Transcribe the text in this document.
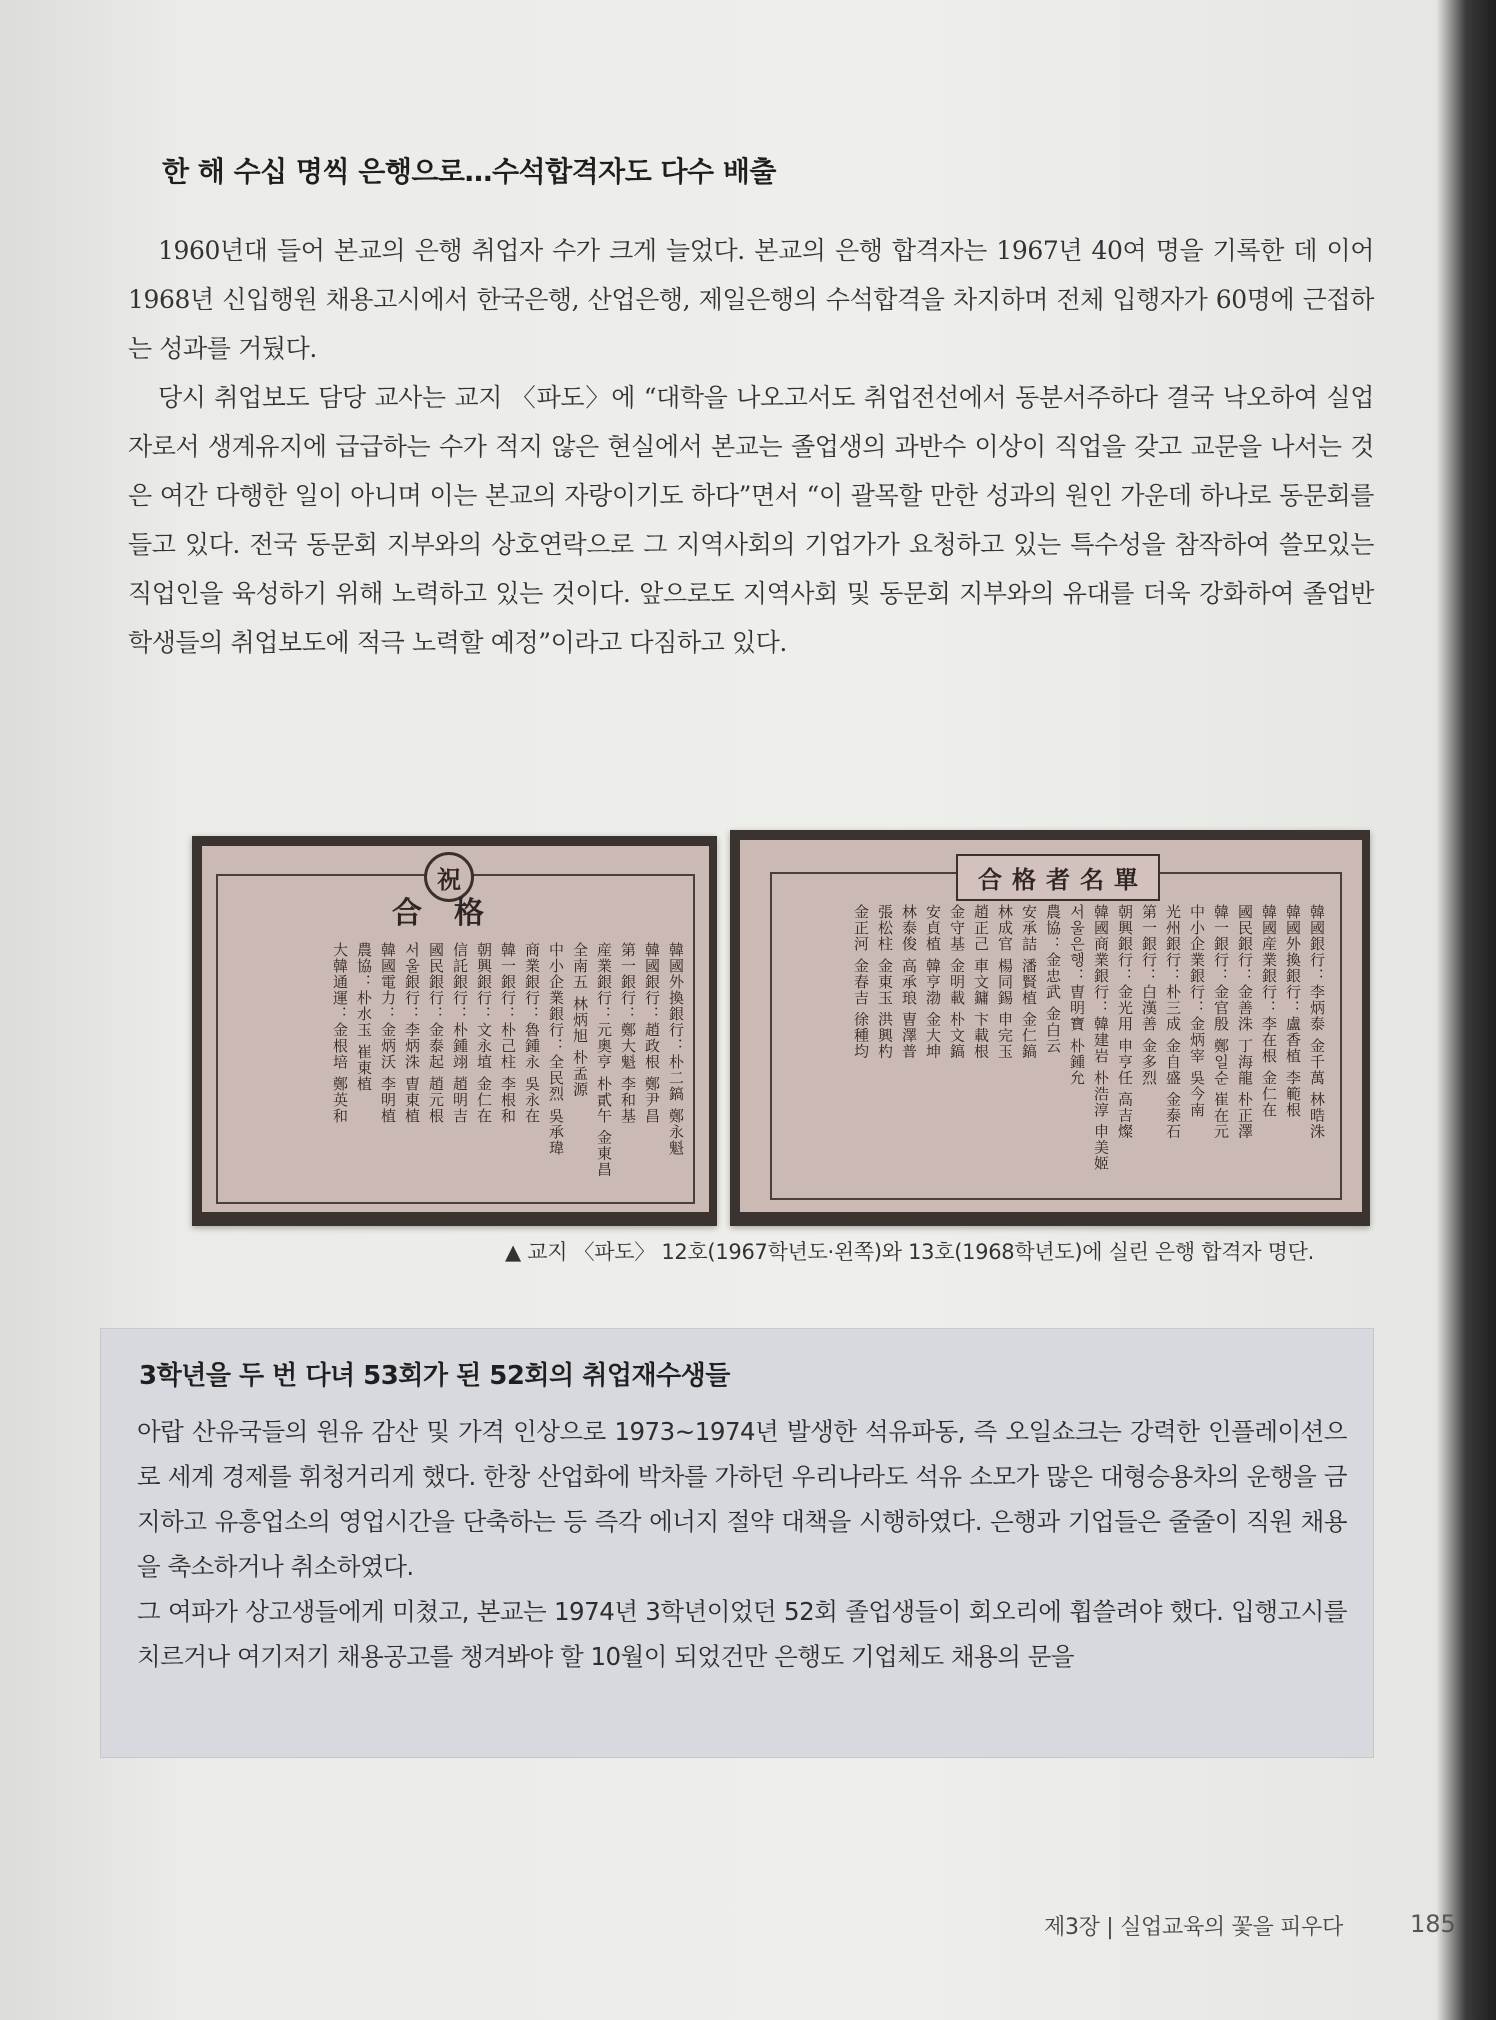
한 해 수십 명씩 은행으로…수석합격자도 다수 배출

1960년대 들어 본교의 은행 취업자 수가 크게 늘었다. 본교의 은행 합격자는 1967년 40여 명을 기록한 데 이어 1968년 신입행원 채용고시에서 한국은행, 산업은행, 제일은행의 수석합격을 차지하며 전체 입행자가 60명에 근접하는 성과를 거뒀다.

당시 취업보도 담당 교사는 교지 〈파도〉에 “대학을 나오고서도 취업전선에서 동분서주하다 결국 낙오하여 실업자로서 생계유지에 급급하는 수가 적지 않은 현실에서 본교는 졸업생의 과반수 이상이 직업을 갖고 교문을 나서는 것은 여간 다행한 일이 아니며 이는 본교의 자랑이기도 하다”면서 “이 괄목할 만한 성과의 원인 가운데 하나로 동문회를 들고 있다. 전국 동문회 지부와의 상호연락으로 그 지역사회의 기업가가 요청하고 있는 특수성을 참작하여 쓸모있는 직업인을 육성하기 위해 노력하고 있는 것이다. 앞으로도 지역사회 및 동문회 지부와의 유대를 더욱 강화하여 졸업반 학생들의 취업보도에 적극 노력할 예정”이라고 다짐하고 있다.

祝
合格
韓國外換銀行：朴二鎬 鄭永魁
韓國銀行：趙政根 鄭尹昌
第一銀行：鄭大魁 李和基
産業銀行：元奧亨 朴貳午 金東昌
全南五 林炳旭 朴孟源
中小企業銀行：全民烈 吳承瑋
商業銀行：魯鍾永 吳永在
韓一銀行：朴己柱 李根和
朝興銀行：文永埴 金仁在
信託銀行：朴鍾翊 趙明吉
國民銀行：金泰起 趙元根
서울銀行：李炳洙 曺東植
韓國電力：金炳沃 李明植
農協：朴水玉 崔東植
大韓通運：金根培 鄭英和
合格者名單
韓國銀行：李炳泰 金千萬 林晧洙
韓國外換銀行：盧香植 李範根
韓國産業銀行：李在根 金仁在
國民銀行：金善洙 丁海龍 朴正澤
韓一銀行：金官殷 鄭일순 崔在元
中小企業銀行：金炳宰 吳今南
光州銀行：朴三成 金自盛 金泰石
第一銀行：白漢善 金多烈
朝興銀行：金光用 申亨任 高吉燦
韓國商業銀行：韓建岩 朴浩淳 申美姬
서울은행：曺明寶 朴鍾允
農協：金忠武 金白云
安承詰 潘賢植 金仁鎬
林成官 楊同錫 申完玉
趙正己 車文鏞 卞載根
金守基 金明載 朴文鎬
安貞植 韓亨渤 金大坤
林泰俊 高承琅 曺澤普
張松柱 金東玉 洪興杓
金正河 金春吉 徐種均
▲ 교지 〈파도〉 12호(1967학년도·왼쪽)와 13호(1968학년도)에 실린 은행 합격자 명단.
3학년을 두 번 다녀 53회가 된 52회의 취업재수생들

아랍 산유국들의 원유 감산 및 가격 인상으로 1973~1974년 발생한 석유파동, 즉 오일쇼크는 강력한 인플레이션으로 세계 경제를 휘청거리게 했다. 한창 산업화에 박차를 가하던 우리나라도 석유 소모가 많은 대형승용차의 운행을 금지하고 유흥업소의 영업시간을 단축하는 등 즉각 에너지 절약 대책을 시행하였다. 은행과 기업들은 줄줄이 직원 채용을 축소하거나 취소하였다.

그 여파가 상고생들에게 미쳤고, 본교는 1974년 3학년이었던 52회 졸업생들이 회오리에 휩쓸려야 했다. 입행고시를 치르거나 여기저기 채용공고를 챙겨봐야 할 10월이 되었건만 은행도 기업체도 채용의 문을

제3장 | 실업교육의 꽃을 피우다	185
